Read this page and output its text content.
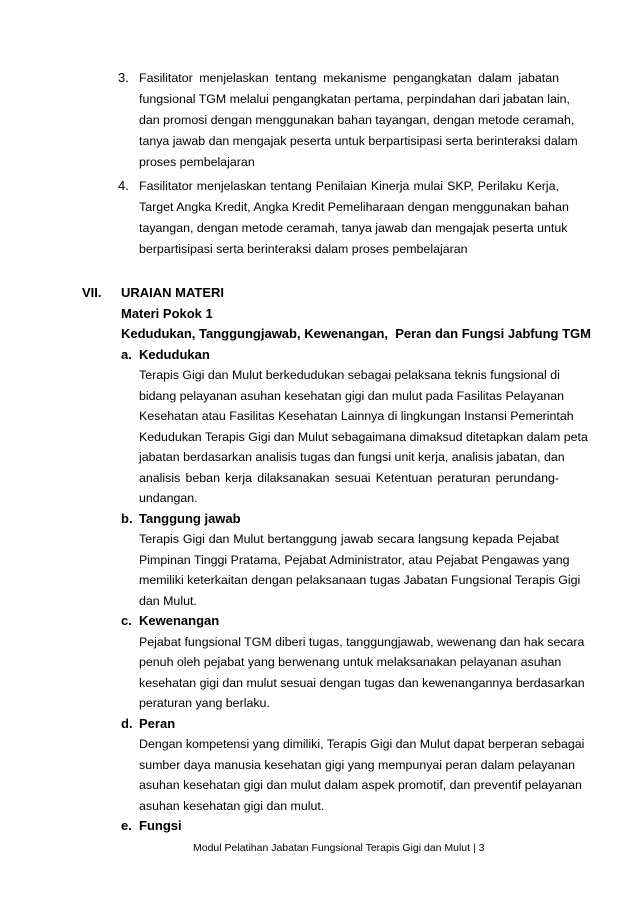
3. Fasilitator menjelaskan tentang mekanisme pengangkatan dalam jabatan
fungsional TGM melalui pengangkatan pertama, perpindahan dari jabatan lain,
dan promosi dengan menggunakan bahan tayangan, dengan metode ceramah,
tanya jawab dan mengajak peserta untuk berpartisipasi serta berinteraksi dalam
proses pembelajaran
4. Fasilitator menjelaskan tentang Penilaian Kinerja mulai SKP, Perilaku Kerja,
Target Angka Kredit, Angka Kredit Pemeliharaan dengan menggunakan bahan
tayangan, dengan metode ceramah, tanya jawab dan mengajak peserta untuk
berpartisipasi serta berinteraksi dalam proses pembelajaran
VII. URAIAN MATERI
Materi Pokok 1
Kedudukan, Tanggungjawab, Kewenangan,  Peran dan Fungsi Jabfung TGM
a. Kedudukan
Terapis Gigi dan Mulut berkedudukan sebagai pelaksana teknis fungsional di
bidang pelayanan asuhan kesehatan gigi dan mulut pada Fasilitas Pelayanan
Kesehatan atau Fasilitas Kesehatan Lainnya di lingkungan Instansi Pemerintah
Kedudukan Terapis Gigi dan Mulut sebagaimana dimaksud ditetapkan dalam peta
jabatan berdasarkan analisis tugas dan fungsi unit kerja, analisis jabatan, dan
analisis beban kerja dilaksanakan sesuai Ketentuan peraturan perundang-
undangan.
b. Tanggung jawab
Terapis Gigi dan Mulut bertanggung jawab secara langsung kepada Pejabat
Pimpinan Tinggi Pratama, Pejabat Administrator, atau Pejabat Pengawas yang
memiliki keterkaitan dengan pelaksanaan tugas Jabatan Fungsional Terapis Gigi
dan Mulut.
c. Kewenangan
Pejabat fungsional TGM diberi tugas, tanggungjawab, wewenang dan hak secara
penuh oleh pejabat yang berwenang untuk melaksanakan pelayanan asuhan
kesehatan gigi dan mulut sesuai dengan tugas dan kewenangannya berdasarkan
peraturan yang berlaku.
d. Peran
Dengan kompetensi yang dimiliki, Terapis Gigi dan Mulut dapat berperan sebagai
sumber daya manusia kesehatan gigi yang mempunyai peran dalam pelayanan
asuhan kesehatan gigi dan mulut dalam aspek promotif, dan preventif pelayanan
asuhan kesehatan gigi dan mulut.
e. Fungsi
Modul Pelatihan Jabatan Fungsional Terapis Gigi dan Mulut | 3
